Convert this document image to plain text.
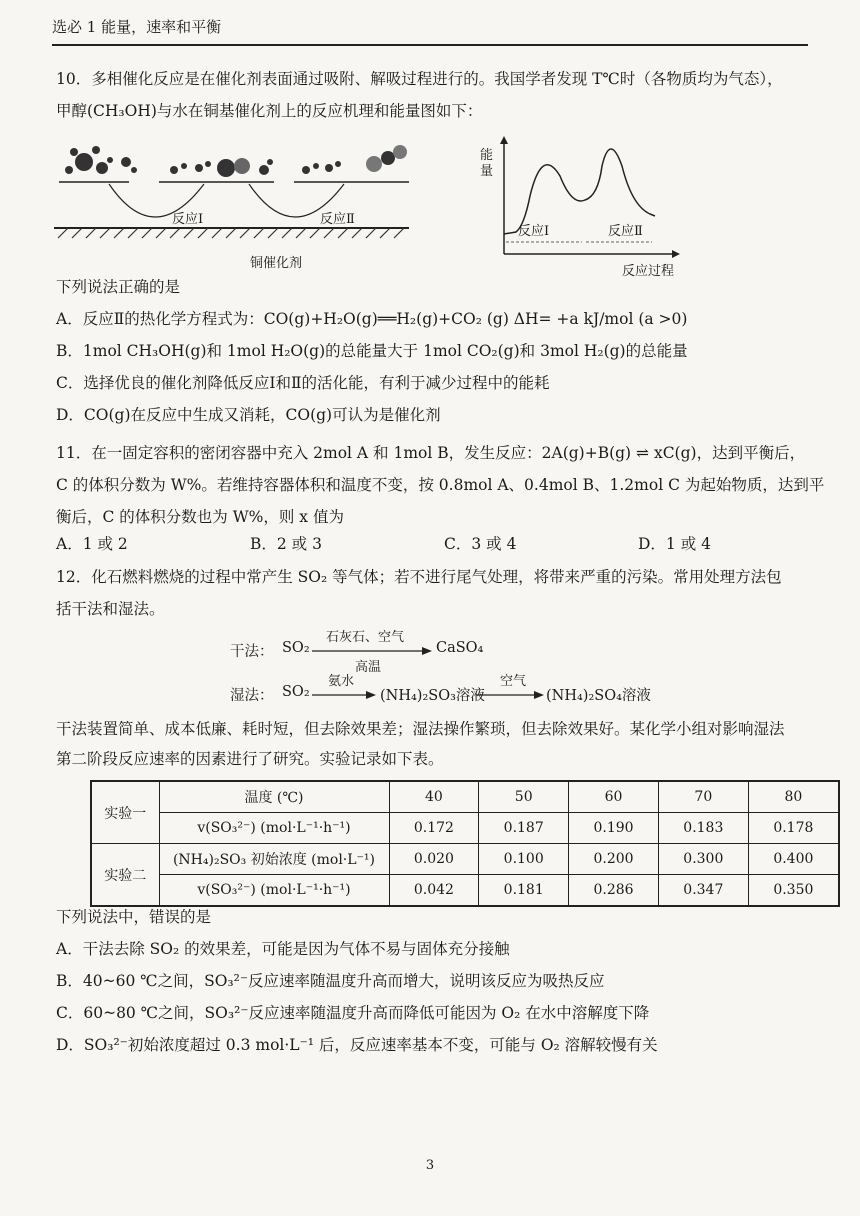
选必 1 能量，速率和平衡
10．多相催化反应是在催化剂表面通过吸附、解吸过程进行的。我国学者发现 T℃时（各物质均为气态），
甲醇(CH₃OH)与水在铜基催化剂上的反应机理和能量图如下：
反应Ⅰ	反应Ⅱ
铜催化剂
能量
反应Ⅰ	反应Ⅱ
反应过程
下列说法正确的是
A．反应Ⅱ的热化学方程式为：CO(g)+H₂O(g)══H₂(g)+CO₂ (g) ΔH= +a kJ/mol (a >0)
B．1mol CH₃OH(g)和 1mol H₂O(g)的总能量大于 1mol CO₂(g)和 3mol H₂(g)的总能量
C．选择优良的催化剂降低反应Ⅰ和Ⅱ的活化能，有利于减少过程中的能耗
D．CO(g)在反应中生成又消耗，CO(g)可认为是催化剂
11．在一固定容积的密闭容器中充入 2mol A 和 1mol B，发生反应：2A(g)+B(g) ⇌ xC(g)，达到平衡后，
C 的体积分数为 W%。若维持容器体积和温度不变，按 0.8mol A、0.4mol B、1.2mol C 为起始物质，达到平
衡后，C 的体积分数也为 W%，则 x 值为
A．1 或 2	B．2 或 3	C．3 或 4	D．1 或 4
12．化石燃料燃烧的过程中常产生 SO₂ 等气体；若不进行尾气处理，将带来严重的污染。常用处理方法包
括干法和湿法。
干法： SO₂
石灰石、空气
高温
CaSO₄
湿法： SO₂
氨水
(NH₄)₂SO₃溶液
空气
(NH₄)₂SO₄溶液
干法装置简单、成本低廉、耗时短，但去除效果差；湿法操作繁琐，但去除效果好。某化学小组对影响湿法
第二阶段反应速率的因素进行了研究。实验记录如下表。
实验一	温度 (℃)	40	50	60	70	80
	v(SO₃²⁻) (mol·L⁻¹·h⁻¹)	0.172	0.187	0.190	0.183	0.178
实验二	(NH₄)₂SO₃ 初始浓度 (mol·L⁻¹)	0.020	0.100	0.200	0.300	0.400
	v(SO₃²⁻) (mol·L⁻¹·h⁻¹)	0.042	0.181	0.286	0.347	0.350
下列说法中，错误的是
A．干法去除 SO₂ 的效果差，可能是因为气体不易与固体充分接触
B．40~60 ℃之间，SO₃²⁻反应速率随温度升高而增大，说明该反应为吸热反应
C．60~80 ℃之间，SO₃²⁻反应速率随温度升高而降低可能因为 O₂ 在水中溶解度下降
D．SO₃²⁻初始浓度超过 0.3 mol·L⁻¹ 后，反应速率基本不变，可能与 O₂ 溶解较慢有关
3
